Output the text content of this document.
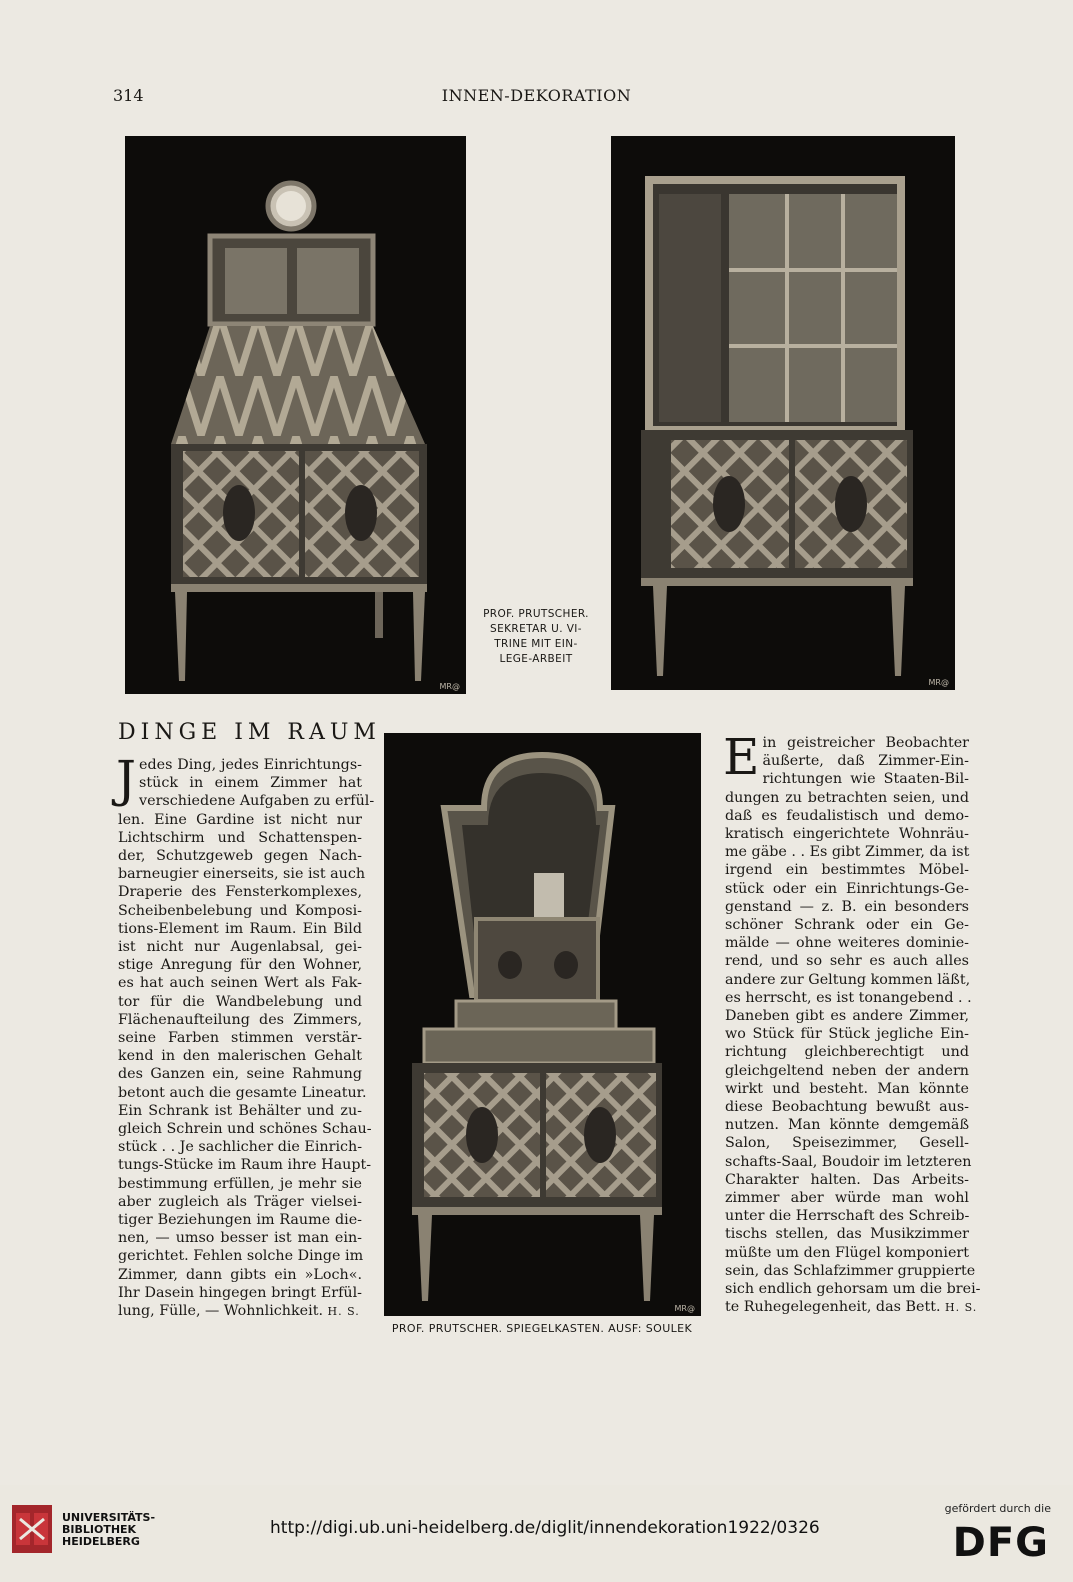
314	INNEN-DEKORATION
MR@	MR@
PROF. PRUTSCHER.
SEKRETAR U. VI-
TRINE MIT EIN-
LEGE-ARBEIT
MR@
DINGE IM RAUM
J edes Ding, jedes Einrichtungs-
stück in einem Zimmer hat
verschiedene Aufgaben zu erfül-
len. Eine Gardine ist nicht nur
Lichtschirm und Schattenspen-
der, Schutzgeweb gegen Nach-
barneugier einerseits, sie ist auch
Draperie des Fensterkomplexes,
Scheibenbelebung und Komposi-
tions-Element im Raum. Ein Bild
ist nicht nur Augenlabsal, gei-
stige Anregung für den Wohner,
es hat auch seinen Wert als Fak-
tor für die Wandbelebung und
Flächenaufteilung des Zimmers,
seine Farben stimmen verstär-
kend in den malerischen Gehalt
des Ganzen ein, seine Rahmung
betont auch die gesamte Lineatur.
Ein Schrank ist Behälter und zu-
gleich Schrein und schönes Schau-
stück . . Je sachlicher die Einrich-
tungs-Stücke im Raum ihre Haupt-
bestimmung erfüllen, je mehr sie
aber zugleich als Träger vielsei-
tiger Beziehungen im Raume die-
nen, — umso besser ist man ein-
gerichtet. Fehlen solche Dinge im
Zimmer, dann gibts ein »Loch«.
Ihr Dasein hingegen bringt Erfül-
lung, Fülle, — Wohnlichkeit. H. S.
E in geistreicher Beobachter
äußerte, daß Zimmer-Ein-
richtungen wie Staaten-Bil-
dungen zu betrachten seien, und
daß es feudalistisch und demo-
kratisch eingerichtete Wohnräu-
me gäbe . . Es gibt Zimmer, da ist
irgend ein bestimmtes Möbel-
stück oder ein Einrichtungs-Ge-
genstand — z. B. ein besonders
schöner Schrank oder ein Ge-
mälde — ohne weiteres dominie-
rend, und so sehr es auch alles
andere zur Geltung kommen läßt,
es herrscht, es ist tonangebend . .
Daneben gibt es andere Zimmer,
wo Stück für Stück jegliche Ein-
richtung gleichberechtigt und
gleichgeltend neben der andern
wirkt und besteht. Man könnte
diese Beobachtung bewußt aus-
nutzen. Man könnte demgemäß
Salon, Speisezimmer, Gesell-
schafts-Saal, Boudoir im letzteren
Charakter halten. Das Arbeits-
zimmer aber würde man wohl
unter die Herrschaft des Schreib-
tischs stellen, das Musikzimmer
müßte um den Flügel komponiert
sein, das Schlafzimmer gruppierte
sich endlich gehorsam um die brei-
te Ruhegelegenheit, das Bett. H. S.
PROF. PRUTSCHER. SPIEGELKASTEN. AUSF: SOULEK
UNIVERSITÄTS-
BIBLIOTHEK
HEIDELBERG
http://digi.ub.uni-heidelberg.de/diglit/innendekoration1922/0326
gefördert durch die
DFG
